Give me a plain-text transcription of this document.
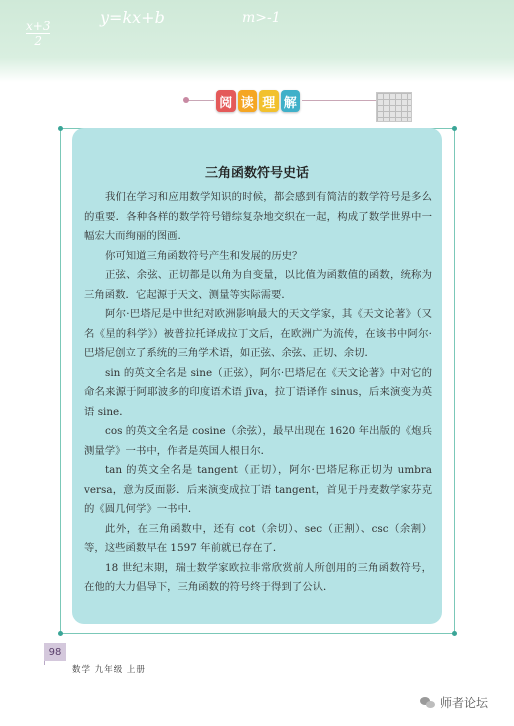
x+3
2
y=kx+b	m>-1
阅 读 理 解
三角函数符号史话

我们在学习和应用数学知识的时候，都会感到有简洁的数学符号是多么的重要．各种各样的数学符号错综复杂地交织在一起，构成了数学世界中一幅宏大而绚丽的图画．

你可知道三角函数符号产生和发展的历史？

正弦、余弦、正切都是以角为自变量，以比值为函数值的函数，统称为三角函数．它起源于天文、测量等实际需要．

阿尔·巴塔尼是中世纪对欧洲影响最大的天文学家，其《天文论著》（又名《星的科学》）被普拉托译成拉丁文后，在欧洲广为流传，在该书中阿尔·巴塔尼创立了系统的三角学术语，如正弦、余弦、正切、余切．

sin 的英文全名是 sine（正弦），阿尔·巴塔尼在《天文论著》中对它的命名来源于阿耶波多的印度语术语 jīva，拉丁语译作 sinus，后来演变为英语 sine．

cos 的英文全名是 cosine（余弦），最早出现在 1620 年出版的《炮兵测量学》一书中，作者是英国人根日尔．

tan 的英文全名是 tangent（正切），阿尔·巴塔尼称正切为 umbra versa，意为反面影．后来演变成拉丁语 tangent，首见于丹麦数学家芬克的《圆几何学》一书中．

此外，在三角函数中，还有 cot（余切）、sec（正割）、csc（余割）等，这些函数早在 1597 年前就已存在了．

18 世纪末期，瑞士数学家欧拉非常欣赏前人所创用的三角函数符号，在他的大力倡导下，三角函数的符号终于得到了公认．

98
数学 九年级 上册
师者论坛
